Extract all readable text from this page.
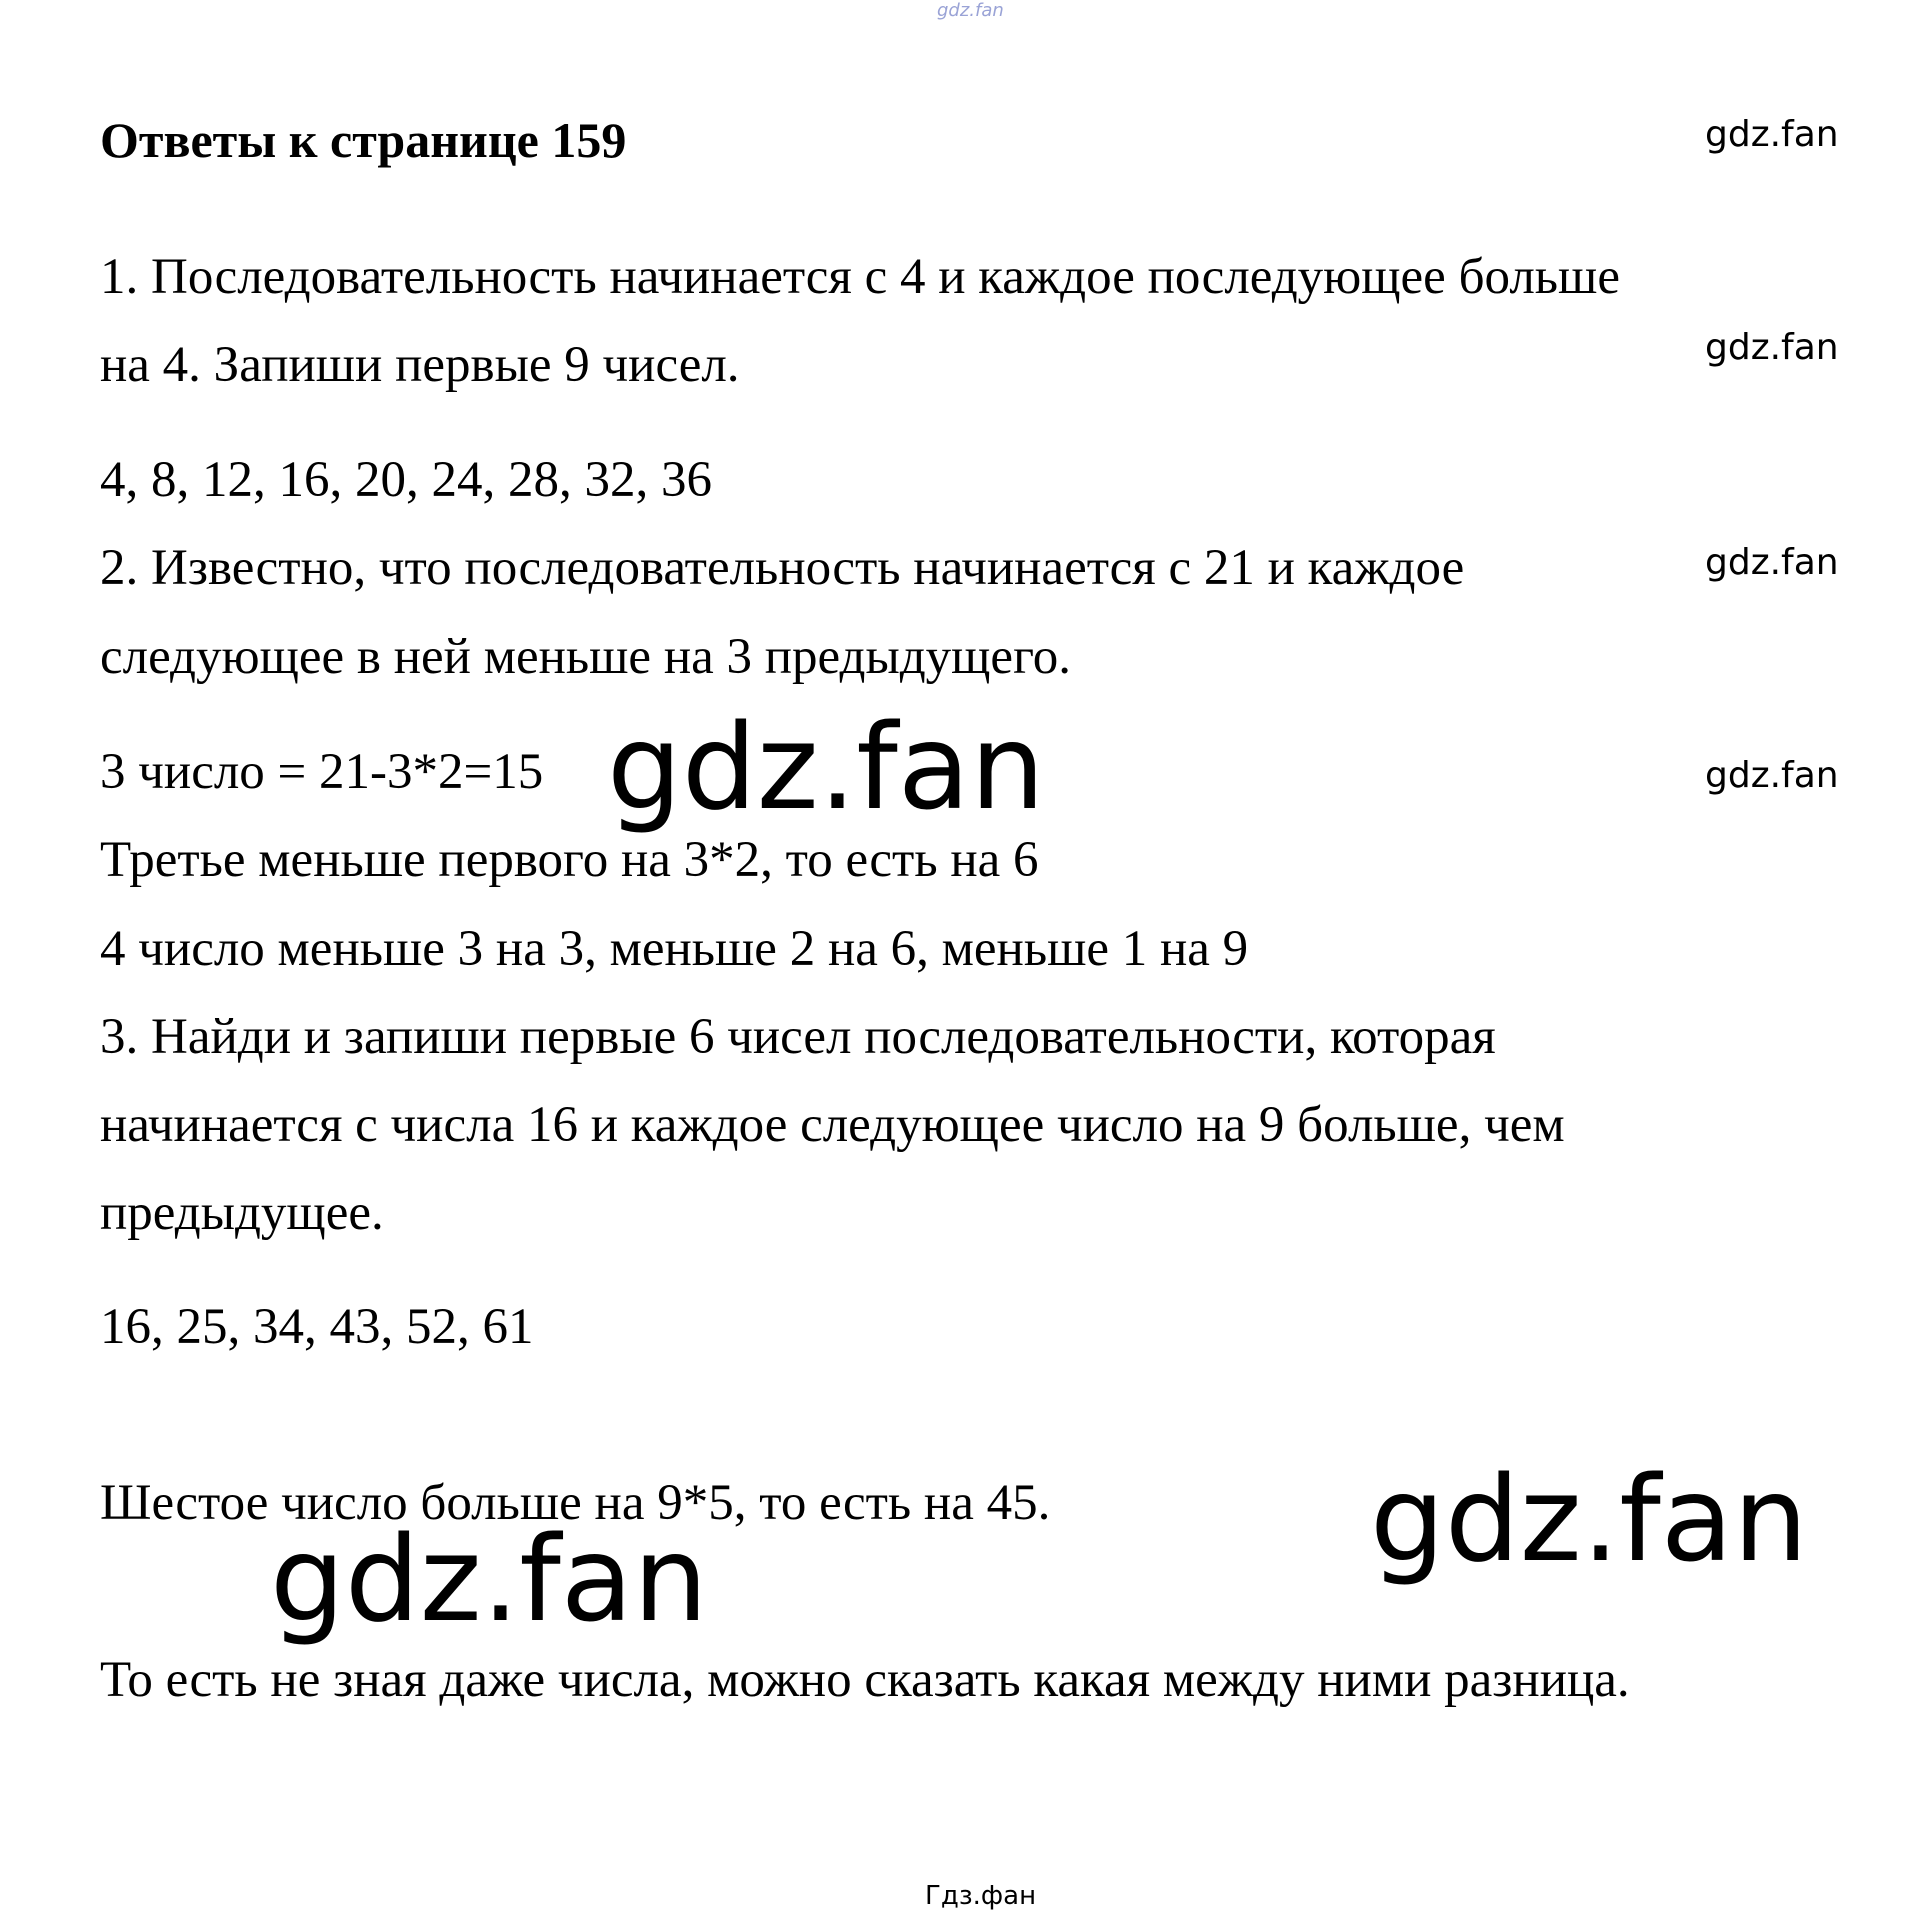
gdz.fan
Ответы к странице 159	gdz.fan
gdz.fan
gdz.fan
gdz.fan
1. Последовательность начинается с 4 и каждое последующее больше
на 4. Запиши первые 9 чисел.
4, 8, 12, 16, 20, 24, 28, 32, 36
2. Известно, что последовательность начинается с 21 и каждое
следующее в ней меньше на 3 предыдущего.
3 число = 21-3*2=15
Третье меньше первого на 3*2, то есть на 6
4 число меньше 3 на 3, меньше 2 на 6, меньше 1 на 9
3. Найди и запиши первые 6 чисел последовательности, которая
начинается с числа 16 и каждое следующее число на 9 больше, чем
предыдущее.
16, 25, 34, 43, 52, 61
Шестое число больше на 9*5, то есть на 45.
То есть не зная даже числа, можно сказать какая между ними разница.
gdz.fan
gdz.fan
gdz.fan
Гдз.фан
